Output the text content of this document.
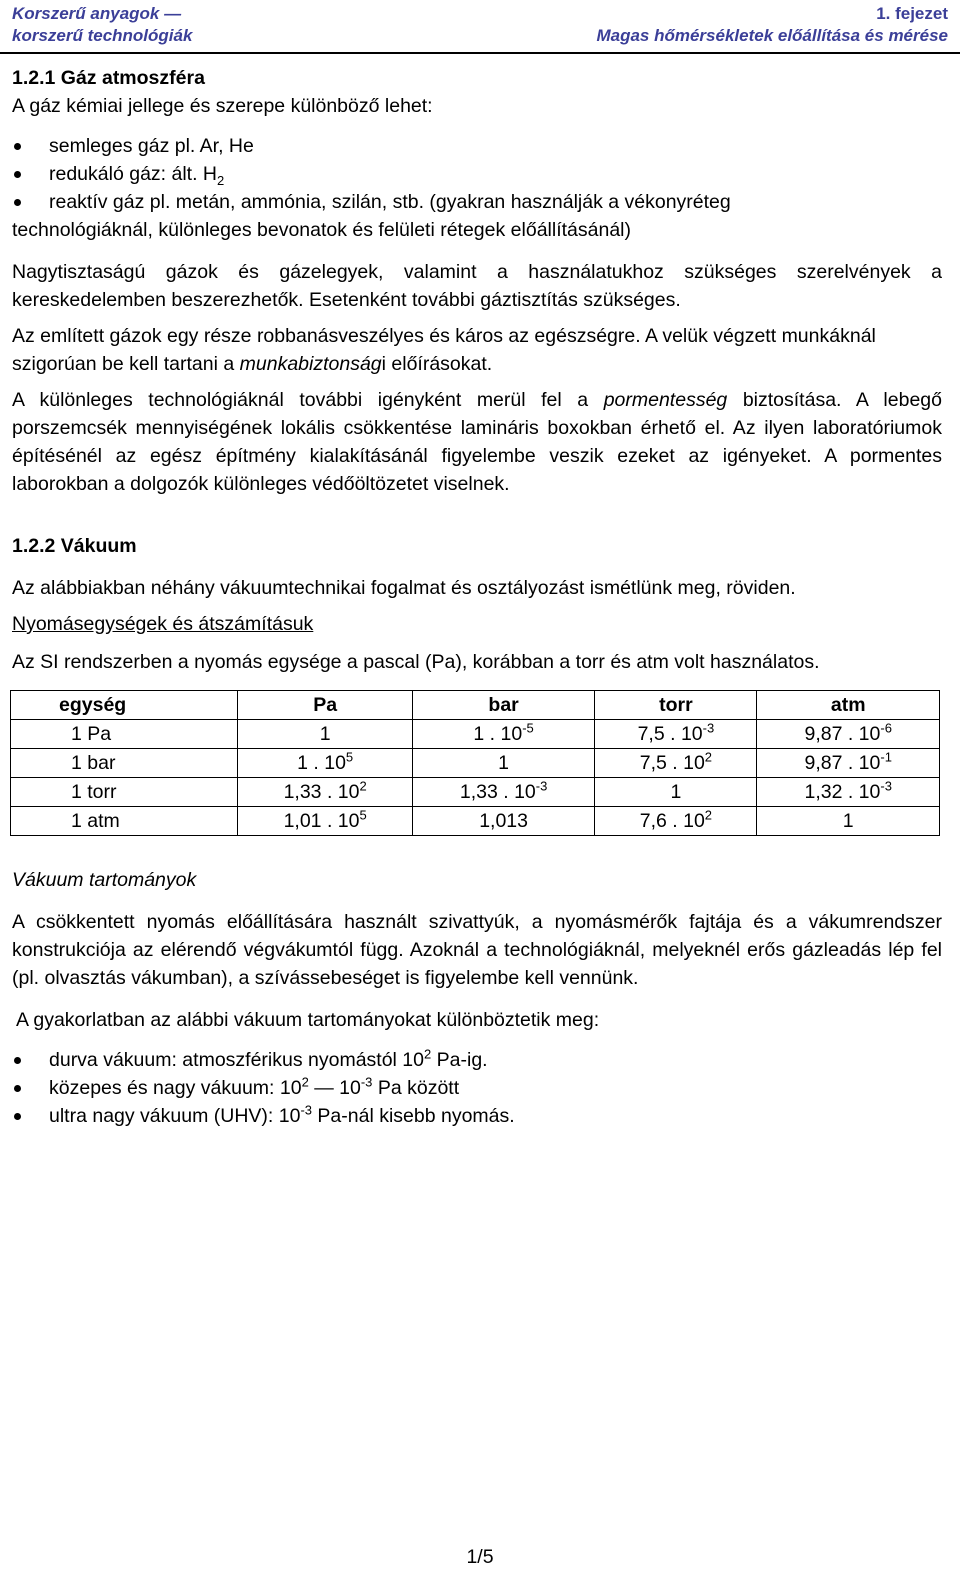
Korszerű anyagok —
korszerű technológiák
1. fejezet
Magas hőmérsékletek előállítása és mérése
1.2.1 Gáz atmoszféra

A gáz kémiai jellege és szerepe különböző lehet:

semleges gáz pl. Ar, He
redukáló gáz: ált. $H_2$
reaktív gáz pl. metán, ammónia, szilán, stb. (gyakran használják a vékonyréteg

technológiáknál, különleges bevonatok és felületi rétegek előállításánál)

Nagytisztaságú gázok és gázelegyek, valamint a használatukhoz szükséges szerelvények a kereskedelemben beszerezhetők. Esetenként további gáztisztítás szükséges.

Az említett gázok egy része robbanásveszélyes és káros az egészségre. A velük végzett munkáknál szigorúan be kell tartani a munkabiztonsági előírásokat.

A különleges technológiáknál további igényként merül fel a pormentesség biztosítása. A lebegő porszemcsék mennyiségének lokális csökkentése lamináris boxokban érhető el. Az ilyen laboratóriumok építésénél az egész építmény kialakításánál figyelembe veszik ezeket az igényeket. A pormentes laborokban a dolgozók különleges védőöltözetet viselnek.

1.2.2 Vákuum

Az alábbiakban néhány vákuumtechnikai fogalmat és osztályozást ismétlünk meg, röviden.

Nyomásegységek és átszámításuk

Az SI rendszerben a nyomás egysége a pascal (Pa), korábban a torr és atm volt használatos.

egység	Pa	bar	torr	atm
1 Pa	1	1 . $10^{-5}$	7,5 . $10^{-3}$	9,87 . $10^{-6}$
1 bar	1 . $10^5$	1	7,5 . $10^2$	9,87 . $10^{-1}$
1 torr	1,33 . $10^2$	1,33 . $10^{-3}$	1	1,32 . $10^{-3}$
1 atm	1,01 . $10^5$	1,013	7,6 . $10^2$	1

Vákuum tartományok

A csökkentett nyomás előállítására használt szivattyúk, a nyomásmérők fajtája és a vákumrendszer konstrukciója az elérendő végvákumtól függ. Azoknál a technológiáknál, melyeknél erős gázleadás lép fel (pl. olvasztás vákumban), a szívássebeséget is figyelembe kell vennünk.

A gyakorlatban az alábbi vákuum tartományokat különböztetik meg:

durva vákuum: atmoszférikus nyomástól $10^2$ Pa-ig.
közepes és nagy vákuum: $10^2$ — $10^{-3}$ Pa között
ultra nagy vákuum (UHV): $10^{-3}$ Pa-nál kisebb nyomás.
1/5
